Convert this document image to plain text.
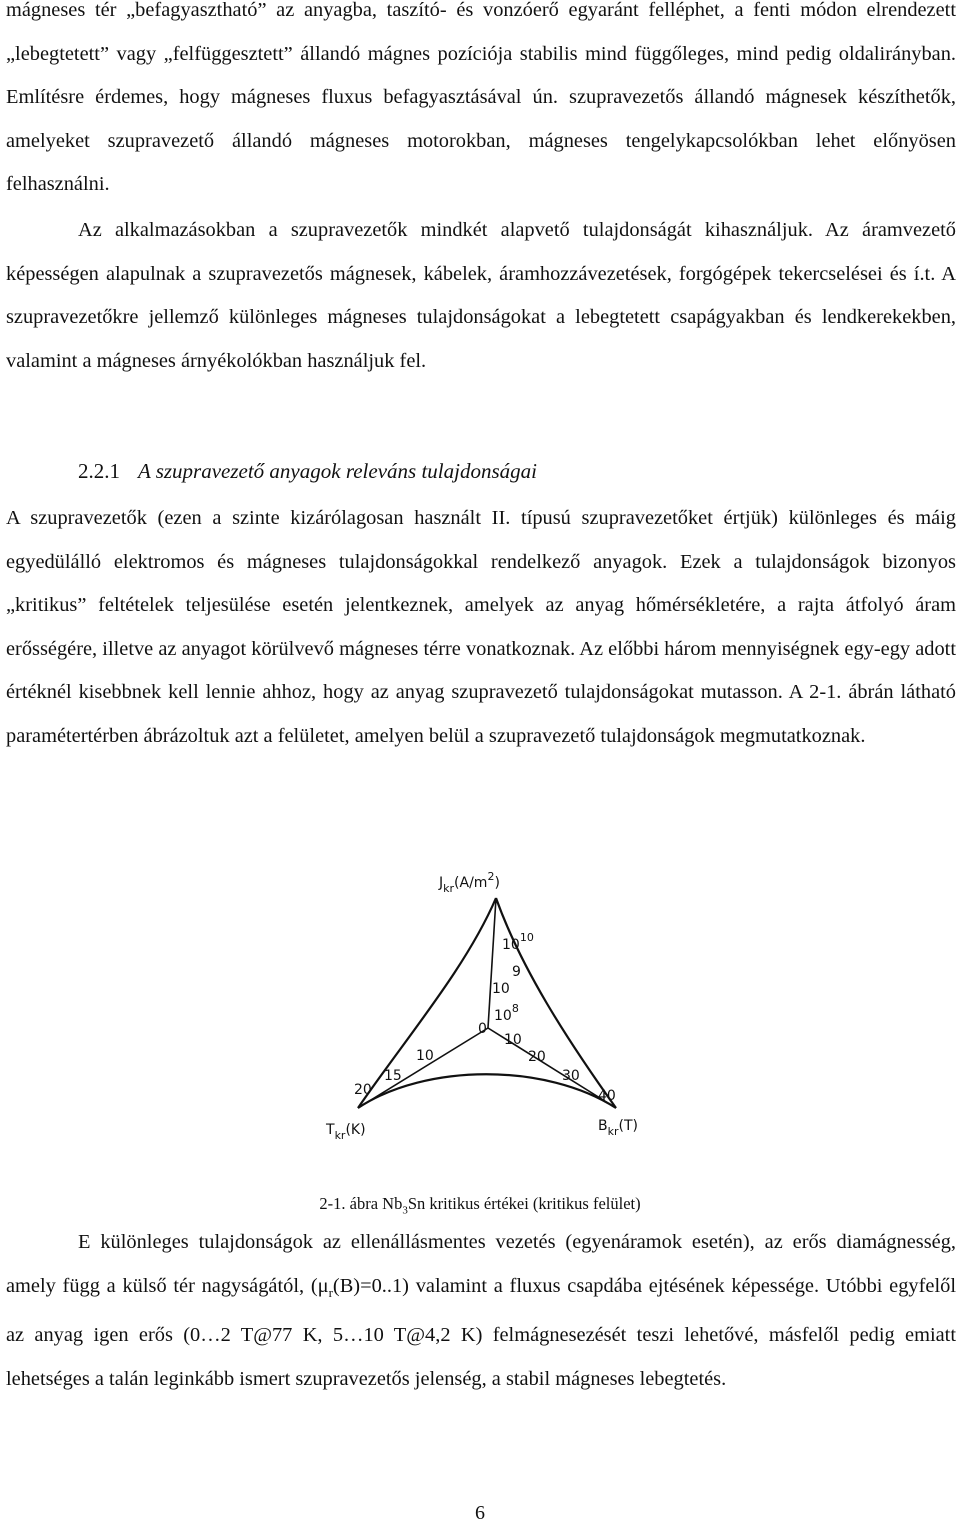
mágneses tér „befagyasztható” az anyagba, taszító- és vonzóerő egyaránt felléphet, a fenti módon elrendezett „lebegtetett” vagy „felfüggesztett” állandó mágnes pozíciója stabilis mind függőleges, mind pedig oldalirányban. Említésre érdemes, hogy mágneses fluxus befagyasztásával ún. szupravezetős állandó mágnesek készíthetők, amelyeket szupravezető állandó mágneses motorokban, mágneses tengelykapcsolókban lehet előnyösen felhasználni.

Az alkalmazásokban a szupravezetők mindkét alapvető tulajdonságát kihasználjuk. Az áramvezető képességen alapulnak a szupravezetős mágnesek, kábelek, áramhozzávezetések, forgógépek tekercselései és í.t. A szupravezetőkre jellemző különleges mágneses tulajdonságokat a lebegtetett csapágyakban és lendkerekekben, valamint a mágneses árnyékolókban használjuk fel.

2.2.1 A szupravezető anyagok releváns tulajdonságai

A szupravezetők (ezen a szinte kizárólagosan használt II. típusú szupravezetőket értjük) különleges és máig egyedülálló elektromos és mágneses tulajdonságokkal rendelkező anyagok. Ezek a tulajdonságok bizonyos „kritikus” feltételek teljesülése esetén jelentkeznek, amelyek az anyag hőmérsékletére, a rajta átfolyó áram erősségére, illetve az anyagot körülvevő mágneses térre vonatkoznak. Az előbbi három mennyiségnek egy-egy adott értéknél kisebbnek kell lennie ahhoz, hogy az anyag szupravezető tulajdonságokat mutasson. A 2-1. ábrán látható paramétertérben ábrázoltuk azt a felületet, amelyen belül a szupravezető tulajdonságok megmutatkoznak.

$J_{kr}(A/m^2)$
$10^{10}$
9
10
$10^8$
0
10
15
20
10
20
30
40
$T_{kr}(K)$	$B_{kr}(T)$
2-1. ábra $Nb_3Sn$ kritikus értékei (kritikus felület)

E különleges tulajdonságok az ellenállásmentes vezetés (egyenáramok esetén), az erős diamágnesség, amely függ a külső tér nagyságától, $(\mu_r(B)=0..1)$ valamint a fluxus csapdába ejtésének képessége. Utóbbi egyfelől az anyag igen erős (0…2 T@77 K, 5…10 T@4,2 K) felmágnesezését teszi lehetővé, másfelől pedig emiatt lehetséges a talán leginkább ismert szupravezetős jelenség, a stabil mágneses lebegtetés.

6
